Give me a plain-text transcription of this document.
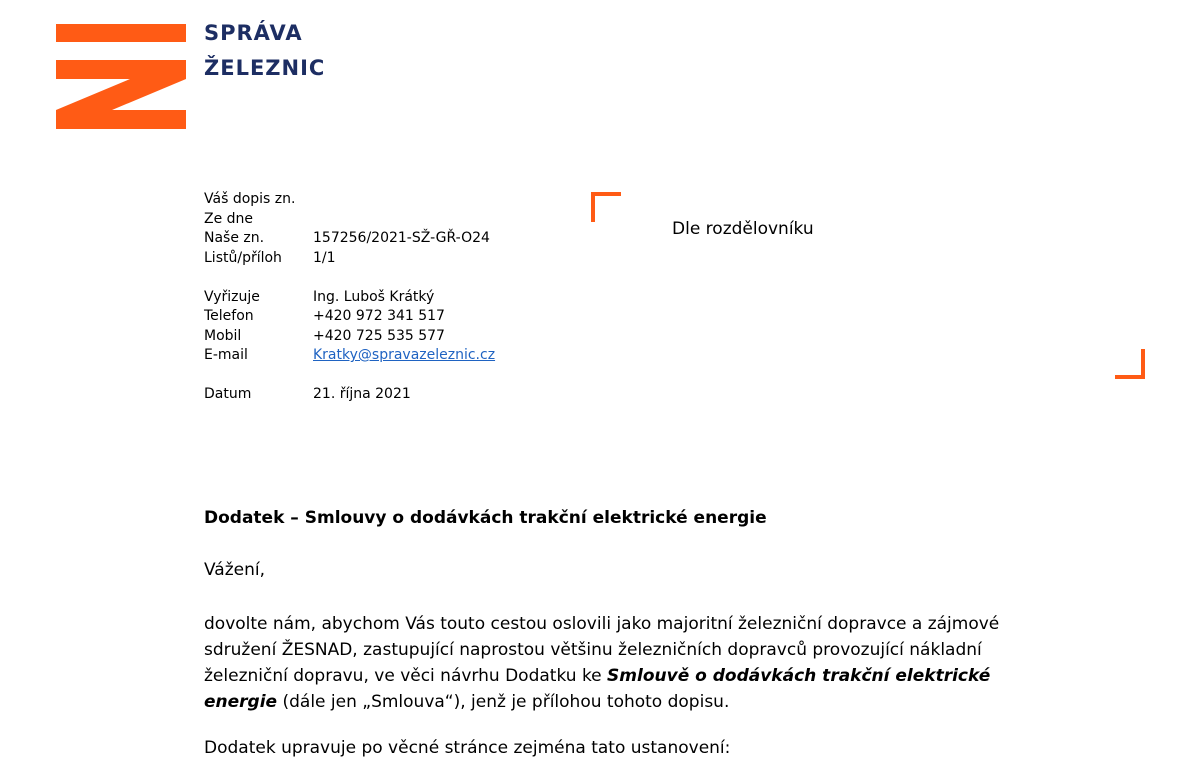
SPRÁVA
ŽELEZNIC
Váš dopis zn.
Ze dne
Naše zn.	157256/2021-SŽ-GŘ-O24
Listů/příloh	1/1
Vyřizuje	Ing. Luboš Krátký
Telefon	+420 972 341 517
Mobil	+420 725 535 577
E-mail	Kratky@spravazeleznic.cz
Datum	21. října 2021
Dle rozdělovníku
Dodatek – Smlouvy o dodávkách trakční elektrické energie
Vážení,
dovolte nám, abychom Vás touto cestou oslovili jako majoritní železniční dopravce a zájmové
sdružení ŽESNAD, zastupující naprostou většinu železničních dopravců provozující nákladní
železniční dopravu, ve věci návrhu Dodatku ke Smlouvě o dodávkách trakční elektrické
energie (dále jen „Smlouva“), jenž je přílohou tohoto dopisu.
Dodatek upravuje po věcné stránce zejména tato ustanovení:
